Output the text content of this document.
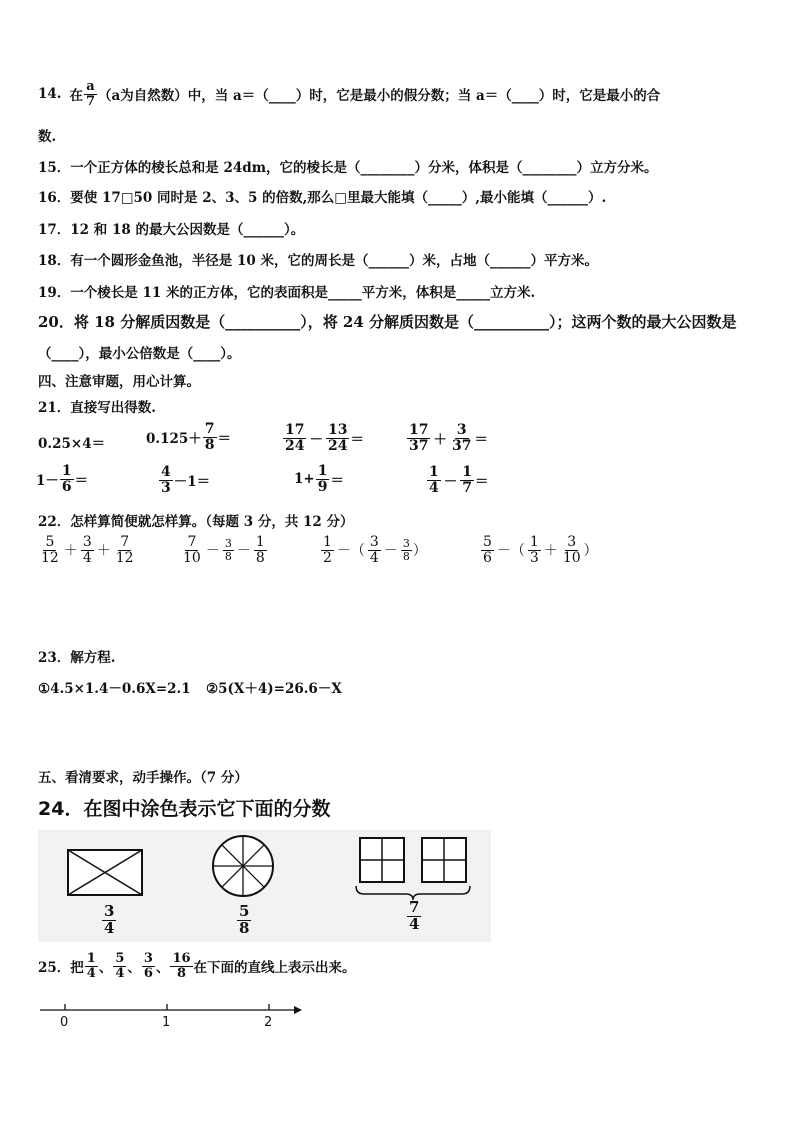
14. 在 $\frac{a}{7} (a$为自然数）中，当 a＝（____）时，它是最小的假分数；当 a＝（____）时，它是最小的合
数.
15．一个正方体的棱长总和是 24dm，它的棱长是（________）分米，体积是（________）立方分米。
16．要使 17□50 同时是 2、3、5 的倍数,那么□里最大能填（_____）,最小能填（______）.
17．12 和 18 的最大公因数是（______）。
18．有一个圆形金鱼池，半径是 10 米，它的周长是（______）米，占地（______）平方米。
19．一个棱长是 11 米的正方体，它的表面积是_____平方米，体积是_____立方米.
20．将 18 分解质因数是（__________），将 24 分解质因数是（__________）；这两个数的最大公因数是
（____），最小公倍数是（____）。
四、注意审题，用心计算。
21．直接写出得数.
0.25×4＝	$0.125+ \frac{7}{8}$ ＝	$\frac{17}{24} - \frac{13}{24}$ ＝	$\frac{17}{37} + \frac{3}{37}$ ＝
$1- \frac{1}{6}$ ＝	$\frac{4}{3} -1=$	$1+ \frac{1}{9}$ ＝	$\frac{1}{4} - \frac{1}{7}$ ＝
22．怎样算简便就怎样算。（每题 3 分，共 12 分）
$\frac{5}{12} + \frac{3}{4} + \frac{7}{12}$	$\frac{7}{10} - \frac{3}{8} - \frac{1}{8}$	$\frac{1}{2}$ －（ $\frac{3}{4} - \frac{3}{8}$ ）	$\frac{5}{6}$ －（ $\frac{1}{3} + \frac{3}{10}$ ）
23．解方程.
①4.5×1.4－0.6X=2.1 ②5(X＋4)=26.6－X
五、看清要求，动手操作。（7 分）
24．在图中涂色表示它下面的分数
$\frac{3}{4}$	$\frac{5}{8}$	$\frac{7}{4}$
25．把 $\frac{1}{4}$ 、 $\frac{5}{4}$ 、 $\frac{3}{6}$ 、 $\frac{16}{8}$ 在下面的直线上表示出来。
0	1	2
